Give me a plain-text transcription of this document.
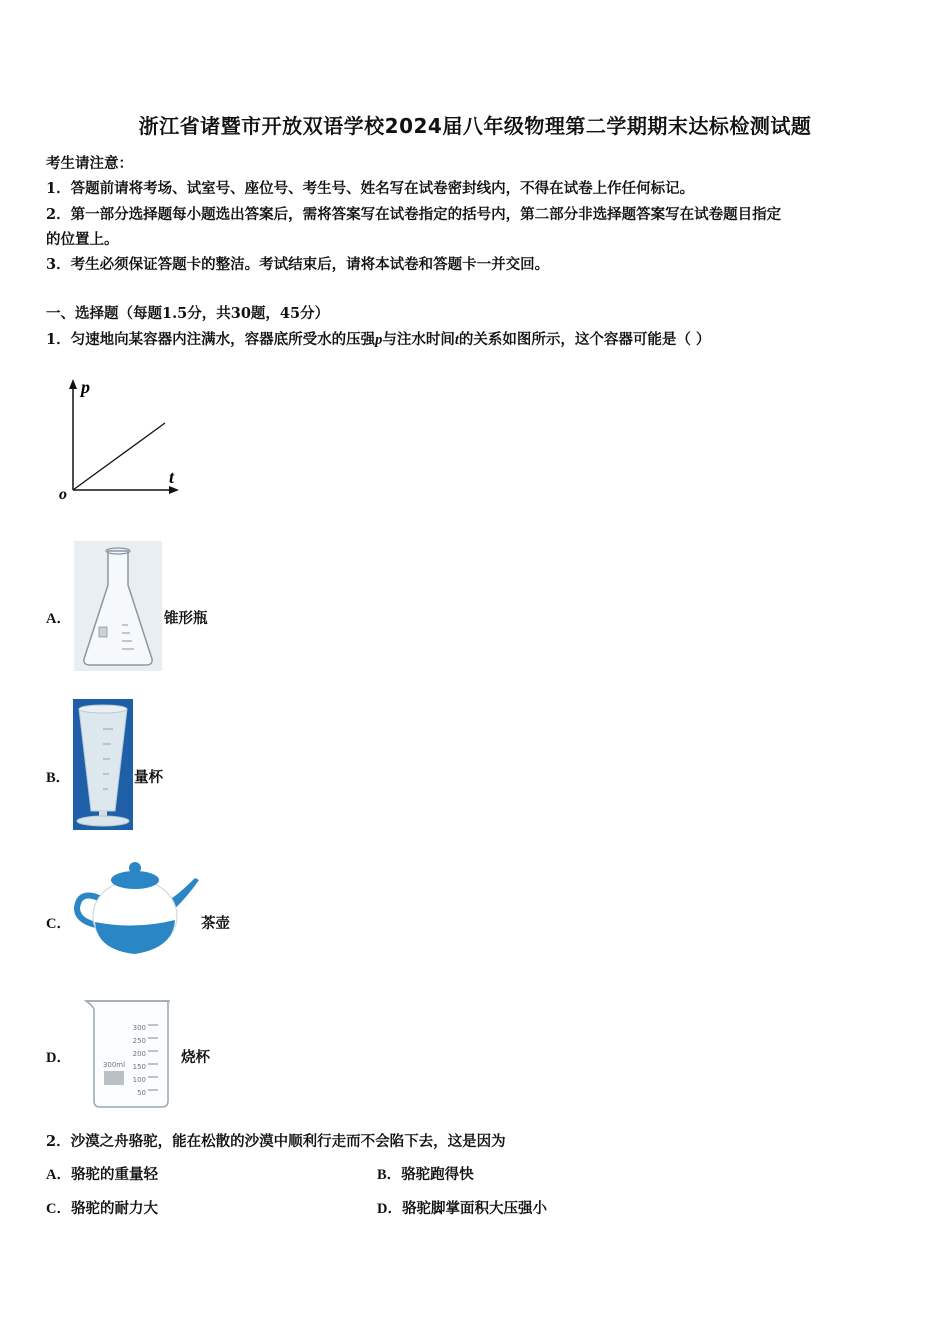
浙江省诸暨市开放双语学校2024届八年级物理第二学期期末达标检测试题
考生请注意：
1．答题前请将考场、试室号、座位号、考生号、姓名写在试卷密封线内，不得在试卷上作任何标记。
2．第一部分选择题每小题选出答案后，需将答案写在试卷指定的括号内，第二部分非选择题答案写在试卷题目指定
的位置上。
3．考生必须保证答题卡的整洁。考试结束后，请将本试卷和答题卡一并交回。
一、选择题（每题1.5分，共30题，45分）
1．匀速地向某容器内注满水，容器底所受水的压强p与注水时间t的关系如图所示，这个容器可能是（ ）
p
t
o
A．	锥形瓶
B．	量杯
C．	茶壶
D．
300
250
200
150
100
50
300ml	烧杯
2．沙漠之舟骆驼，能在松散的沙漠中顺利行走而不会陷下去，这是因为
A．骆驼的重量轻	B．骆驼跑得快
C．骆驼的耐力大	D．骆驼脚掌面积大压强小
